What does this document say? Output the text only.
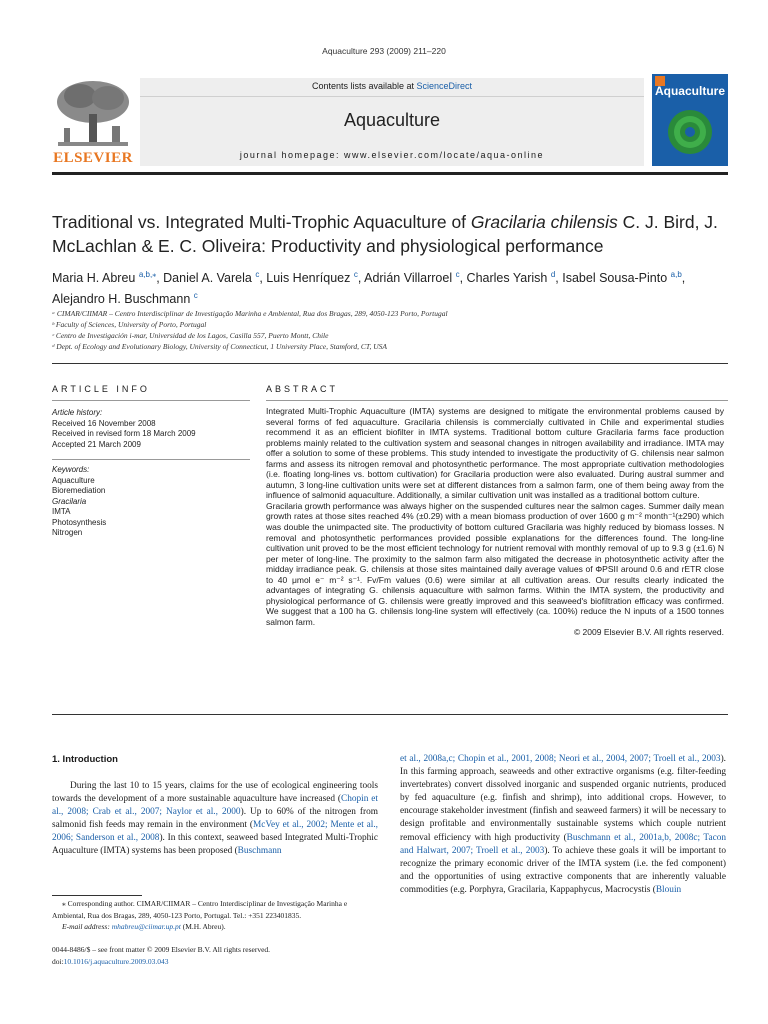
Aquaculture 293 (2009) 211–220
ELSEVIER
Contents lists available at ScienceDirect
Aquaculture
journal homepage: www.elsevier.com/locate/aqua-online
Aquaculture
Traditional vs. Integrated Multi-Trophic Aquaculture of Gracilaria chilensis C. J. Bird, J. McLachlan & E. C. Oliveira: Productivity and physiological performance
Maria H. Abreu $^{a,b,⁎}$, Daniel A. Varela $^c$, Luis Henríquez $^c$, Adrián Villarroel $^c$, Charles Yarish $^d$, Isabel Sousa-Pinto $^{a,b}$, Alejandro H. Buschmann $^c$
ᵃ CIMAR/CIIMAR – Centro Interdisciplinar de Investigação Marinha e Ambiental, Rua dos Bragas, 289, 4050-123 Porto, Portugal
ᵇ Faculty of Sciences, University of Porto, Portugal
ᶜ Centro de Investigación i-mar, Universidad de los Lagos, Casilla 557, Puerto Montt, Chile
ᵈ Dept. of Ecology and Evolutionary Biology, University of Connecticut, 1 University Place, Stamford, CT, USA
ARTICLE INFO	ABSTRACT
Article history:
Received 16 November 2008
Received in revised form 18 March 2009
Accepted 21 March 2009
Keywords:
Aquaculture
Bioremediation
Gracilaria
IMTA
Photosynthesis
Nitrogen

Integrated Multi-Trophic Aquaculture (IMTA) systems are designed to mitigate the environmental problems caused by several forms of fed aquaculture. Gracilaria chilensis is commercially cultivated in Chile and experimental studies recommend it as an efficient biofilter in IMTA systems. Traditional bottom culture Gracilaria farms face production problems mainly related to the cultivation system and seasonal changes in nitrogen availability and irradiance. IMTA may offer a solution to some of these problems. This study intended to investigate the productivity of G. chilensis near salmon farms and assess its nitrogen removal and photosynthetic performance. The most appropriate cultivation methodologies (i.e. floating long-lines vs. bottom cultivation) for Gracilaria production were also evaluated. During austral summer and autumn, 3 long-line cultivation units were set at different distances from a salmon farm, one of them being away from the influence of salmonid aquaculture. Additionally, a similar cultivation unit was installed as a traditional bottom culture.

Gracilaria growth performance was always higher on the suspended cultures near the salmon cages. Summer daily mean growth rates at those sites reached 4% (±0.29) with a mean biomass production of over 1600 g m⁻² month⁻¹(±290) which was double the unimpacted site. The productivity of bottom cultured Gracilaria was highly reduced by biomass losses. N removal and photosynthetic performances provided possible explanations for the differences found. The long-line cultivation unit proved to be the most efficient technology for nutrient removal with monthly removal of up to 9.3 g (±1.6) N per meter of long-line. The proximity to the salmon farm also mitigated the decrease in photosynthetic activity after the midday irradiance peak. G. chilensis at those sites maintained daily average values of ΦPSII around 0.6 and rETR close to 40 μmol e⁻ m⁻² s⁻¹. Fv/Fm values (0.6) were similar at all cultivation areas. Our results clearly indicated the advantages of integrating G. chilensis aquaculture with salmon farms. Within the IMTA system, the productivity and physiological performance of G. chilensis were greatly improved and this seaweed's biofiltration efficacy was confirmed. We suggest that a 100 ha G. chilensis long-line system will effectively (ca. 100%) reduce the N inputs of a 1500 tonnes salmon farm.

© 2009 Elsevier B.V. All rights reserved.

1. Introduction
During the last 10 to 15 years, claims for the use of ecological engineering tools towards the development of a more sustainable aquaculture have increased (Chopin et al., 2008; Crab et al., 2007; Naylor et al., 2000). Up to 60% of the nitrogen from salmonid fish feeds may remain in the environment (McVey et al., 2002; Mente et al., 2006; Sanderson et al., 2008). In this context, seaweed based Integrated Multi-Trophic Aquaculture (IMTA) systems has been proposed (Buschmann
et al., 2008a,c; Chopin et al., 2001, 2008; Neori et al., 2004, 2007; Troell et al., 2003). In this farming approach, seaweeds and other extractive organisms (e.g. filter-feeding invertebrates) convert dissolved inorganic and suspended organic nutrients, produced by fed aquaculture (e.g. finfish and shrimp), into additional crops. However, to encourage stakeholder investment (finfish and seaweed farmers) it will be necessary to design profitable and environmentally sustainable systems which couple nutrient removal efficiency with high productivity (Buschmann et al., 2001a,b, 2008c; Tacon and Halwart, 2007; Troell et al., 2003). To achieve these goals it will be important to recognize the primary economic driver of the IMTA system (i.e. the fed component) and the opportunities of using extractive components that are inherently valuable commodities (e.g. Porphyra, Gracilaria, Kappaphycus, Macrocystis (Blouin
⁎ Corresponding author. CIMAR/CIIMAR – Centro Interdisciplinar de Investigação Marinha e Ambiental, Rua dos Bragas, 289, 4050-123 Porto, Portugal. Tel.: +351 223401835.
E-mail address: mhabreu@ciimar.up.pt (M.H. Abreu).
0044-8486/$ – see front matter © 2009 Elsevier B.V. All rights reserved.
doi:10.1016/j.aquaculture.2009.03.043
